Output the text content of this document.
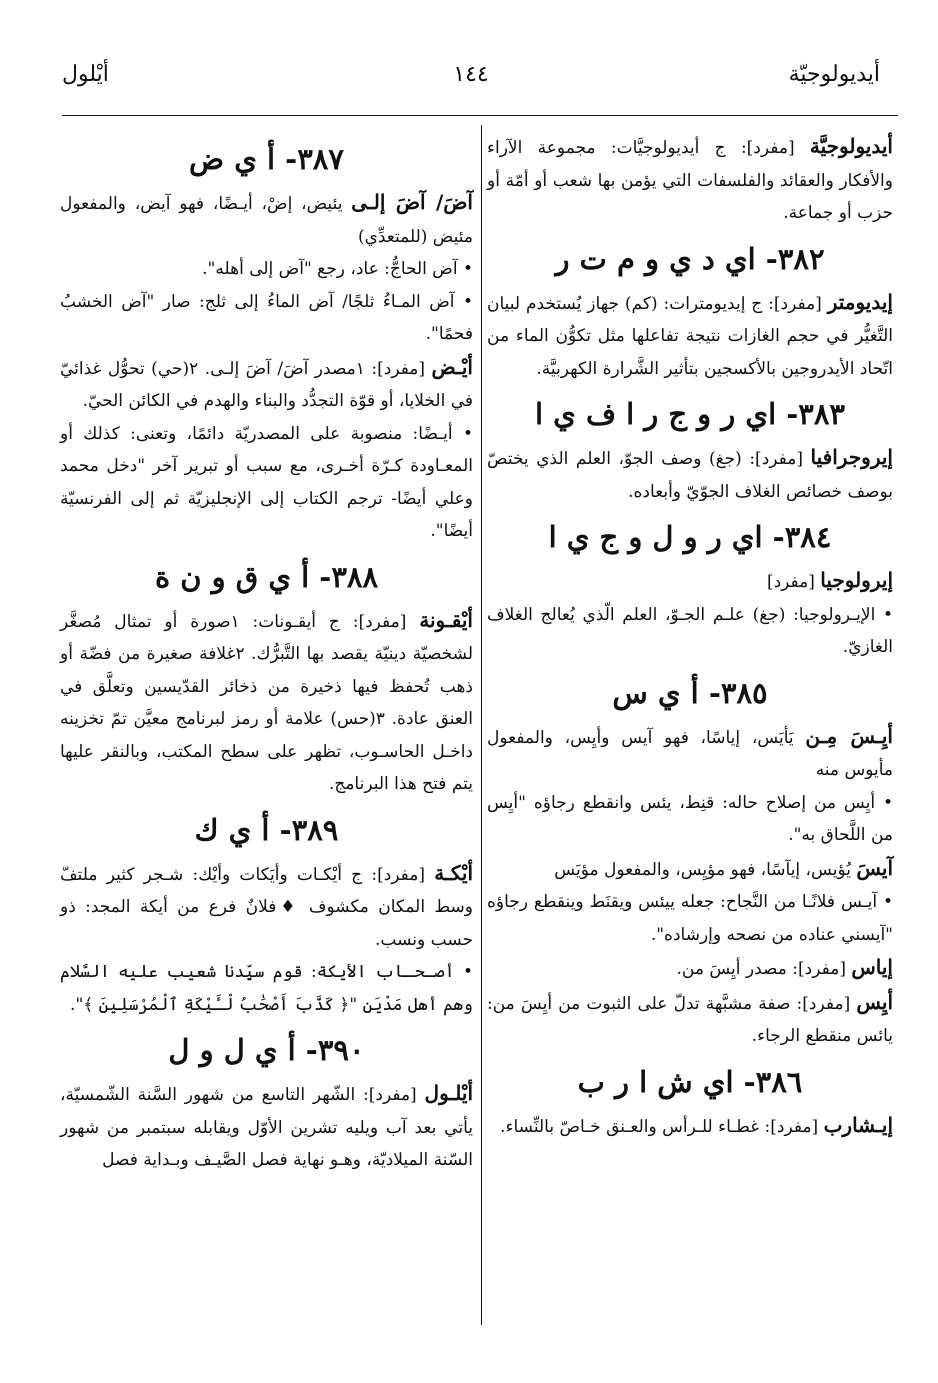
أيديولوجيّة
١٤٤
أيْلول

أيديولوجيَّة [مفرد]: ج أيديولوجيَّات: مجموعة الآراء والأفكار والعقائد والفلسفات التي يؤمن بها شعب أو أمّة أو حزب أو جماعة.

٣٨٢- اي د ي و م ت ر

إيديومتر [مفرد]: ج إيديومترات: (كم) جهاز يُستخدم لبيان التَّغيُّر في حجم الغازات نتيجة تفاعلها مثل تكوُّن الماء من اتّحاد الأيدروجين بالأكسجين بتأثير الشَّرارة الكهربيَّة.

٣٨٣- اي ر و ج ر ا ف ي ا

إيروجرافيا [مفرد]: (جغ) وصف الجوّ، العلم الذي يختصّ بوصف خصائص الغلاف الجوّيّ وأبعاده.

٣٨٤- اي ر و ل و ج ي ا

إيرولوجيا [مفرد]

• الإيـرولوجيا: (جغ) علـم الجـوّ، العلم الّذي يُعالج الغلاف الغازيّ.

٣٨٥- أ ي س

أيِـسَ مِـن يَأيَس، إياسًا، فهو آيس وأيِس، والمفعول مأيوس منه

• أيِس من إصلاح حاله: قنِط، يئس وانقطع رجاؤه "أيِس من اللَّحاق به".

آيسَ يُؤيس، إيآسًا، فهو مؤيِس، والمفعول مؤيَس

• آيـس فلانًـا من النَّجاح: جعله ييئس ويقنَط وينقطع رجاؤه "آيسني عناده من نصحه وإرشاده".

إياس [مفرد]: مصدر أيِسَ من.

أيِس [مفرد]: صفة مشبَّهة تدلّ على الثبوت من أيِسَ من: يائس منقطع الرجاء.

٣٨٦- اي ش ا ر ب

إيـشارب [مفرد]: غطـاء للـرأس والعـنق خـاصّ بالنِّساء.

٣٨٧- أ ي ض

آضَ/ آضَ إلـى يئيض، إضْ، أيـضًا، فهو آيض، والمفعول مئيض (للمتعدِّي)

• آض الحاجُّ: عاد، رجع "آض إلى أهله".

• آض المـاءُ ثلجًا/ آض الماءُ إلى ثلج: صار "آض الخشبُ فحمًا".

أيْـض [مفرد]: ١مصدر آضَ/ آضَ إلـى. ٢(حي) تحوُّل غذائيّ في الخلايا، أو قوّة التجدُّد والبناء والهدم في الكائن الحيّ.

• أيـضًا: منصوبة على المصدريّة دائمًا، وتعنى: كذلك أو المعـاودة كـرّة أخـرى، مع سبب أو تبرير آخر "دخل محمد وعلي أيضًا- ترجم الكتاب إلى الإنجليزيّة ثم إلى الفرنسيّة أيضًا".

٣٨٨- أ ي ق و ن ة

أيْقـونة [مفرد]: ج أيقـونات: ١صورة أو تمثال مُصغَّر لشخصيّة دينيّة يقصد بها التَّبرُّك. ٢غلافة صغيرة من فضّة أو ذهب تُحفظ فيها ذخيرة من ذخائر القدّيسين وتعلَّق في العنق عادة. ٣(حس) علامة أو رمز لبرنامج معيَّن تمّ تخزينه داخـل الحاسـوب، تظهر على سطح المكتب، وبالنقر عليها يتم فتح هذا البرنامج.

٣٨٩- أ ي ك

أيْكـة [مفرد]: ج أيْكـات وأيَكات وأيْك: شـجر كثير ملتفّ وسط المكان مكشوف ♦فلانٌ فرع من أيكة المجد: ذو حسب ونسب.

• أصـحـاب الأيكة: قوم سيِّدنا شعيب عليه السَّلام وهم أهل مَدْيَن "﴿ كَذَّبَ أَصْحَٰبُ لْـَٔيْكَةِ ٱلْمُرْسَلِينَ ﴾".

٣٩٠- أ ي ل و ل

أيْلـول [مفرد]: الشّهر التاسع من شهور السَّنة الشّمسيّة، يأتي بعد آب ويليه تشرين الأوّل ويقابله سبتمبر من شهور السّنة الميلاديّة، وهـو نهاية فصل الصَّيـف وبـداية فصل
